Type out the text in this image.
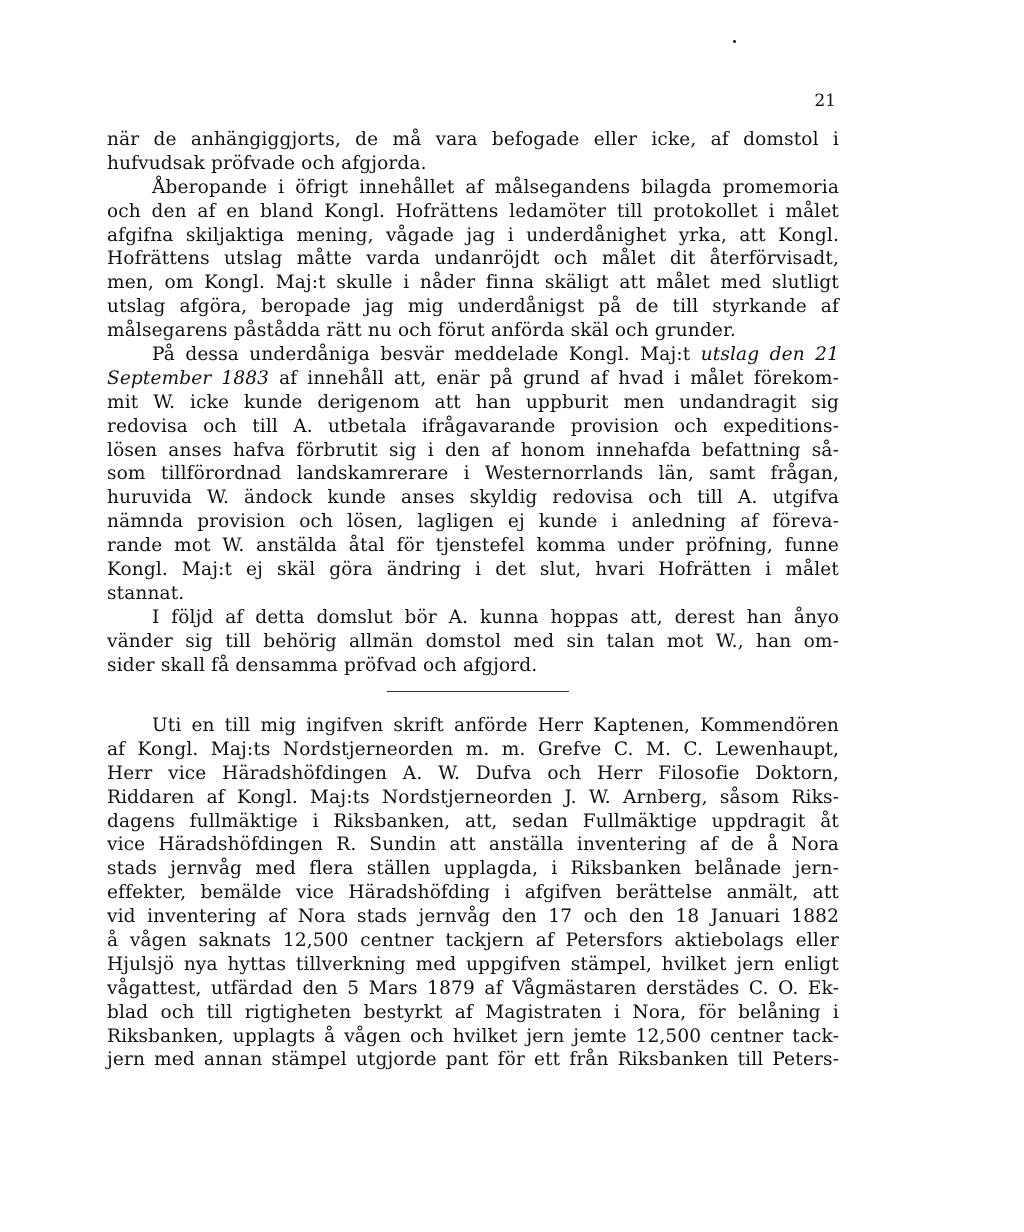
21
när de anhängiggjorts, de må vara befogade eller icke, af domstol i
hufvudsak pröfvade och afgjorda.
Åberopande i öfrigt innehållet af målsegandens bilagda promemoria
och den af en bland Kongl. Hofrättens ledamöter till protokollet i målet
afgifna skiljaktiga mening, vågade jag i underdånighet yrka, att Kongl.
Hofrättens utslag måtte varda undanröjdt och målet dit återförvisadt,
men, om Kongl. Maj:t skulle i nåder finna skäligt att målet med slutligt
utslag afgöra, beropade jag mig underdånigst på de till styrkande af
målsegarens påstådda rätt nu och förut anförda skäl och grunder.
På dessa underdåniga besvär meddelade Kongl. Maj:t utslag den 21
September 1883 af innehåll att, enär på grund af hvad i målet förekom-
mit W. icke kunde derigenom att han uppburit men undandragit sig
redovisa och till A. utbetala ifrågavarande provision och expeditions-
lösen anses hafva förbrutit sig i den af honom innehafda befattning så-
som tillförordnad landskamrerare i Westernorrlands län, samt frågan,
huruvida W. ändock kunde anses skyldig redovisa och till A. utgifva
nämnda provision och lösen, lagligen ej kunde i anledning af föreva-
rande mot W. anstälda åtal för tjenstefel komma under pröfning, funne
Kongl. Maj:t ej skäl göra ändring i det slut, hvari Hofrätten i målet
stannat.
I följd af detta domslut bör A. kunna hoppas att, derest han ånyo
vänder sig till behörig allmän domstol med sin talan mot W., han om-
sider skall få densamma pröfvad och afgjord.
Uti en till mig ingifven skrift anförde Herr Kaptenen, Kommendören
af Kongl. Maj:ts Nordstjerneorden m. m. Grefve C. M. C. Lewenhaupt,
Herr vice Häradshöfdingen A. W. Dufva och Herr Filosofie Doktorn,
Riddaren af Kongl. Maj:ts Nordstjerneorden J. W. Arnberg, såsom Riks-
dagens fullmäktige i Riksbanken, att, sedan Fullmäktige uppdragit åt
vice Häradshöfdingen R. Sundin att anställa inventering af de å Nora
stads jernvåg med flera ställen upplagda, i Riksbanken belånade jern-
effekter, bemälde vice Häradshöfding i afgifven berättelse anmält, att
vid inventering af Nora stads jernvåg den 17 och den 18 Januari 1882
å vågen saknats 12,500 centner tackjern af Petersfors aktiebolags eller
Hjulsjö nya hyttas tillverkning med uppgifven stämpel, hvilket jern enligt
vågattest, utfärdad den 5 Mars 1879 af Vågmästaren derstädes C. O. Ek-
blad och till rigtigheten bestyrkt af Magistraten i Nora, för belåning i
Riksbanken, upplagts å vågen och hvilket jern jemte 12,500 centner tack-
jern med annan stämpel utgjorde pant för ett från Riksbanken till Peters-
